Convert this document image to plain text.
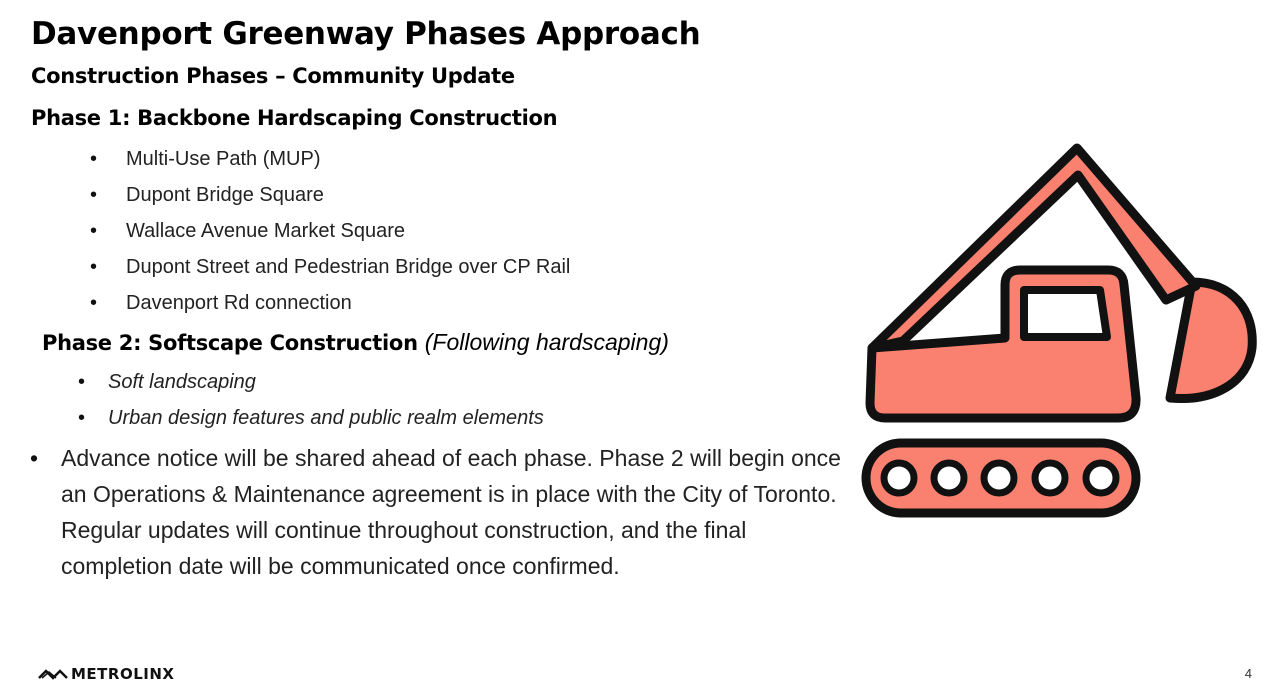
Davenport Greenway Phases Approach
Construction Phases – Community Update
Phase 1: Backbone Hardscaping Construction
• Multi-Use Path (MUP)
• Dupont Bridge Square
• Wallace Avenue Market Square
• Dupont Street and Pedestrian Bridge over CP Rail
• Davenport Rd connection
Phase 2: Softscape Construction (Following hardscaping)
• Soft landscaping
• Urban design features and public realm elements
• Advance notice will be shared ahead of each phase. Phase 2 will begin once an Operations & Maintenance agreement is in place with the City of Toronto. Regular updates will continue throughout construction, and the final completion date will be communicated once confirmed.

METROLINX	4
